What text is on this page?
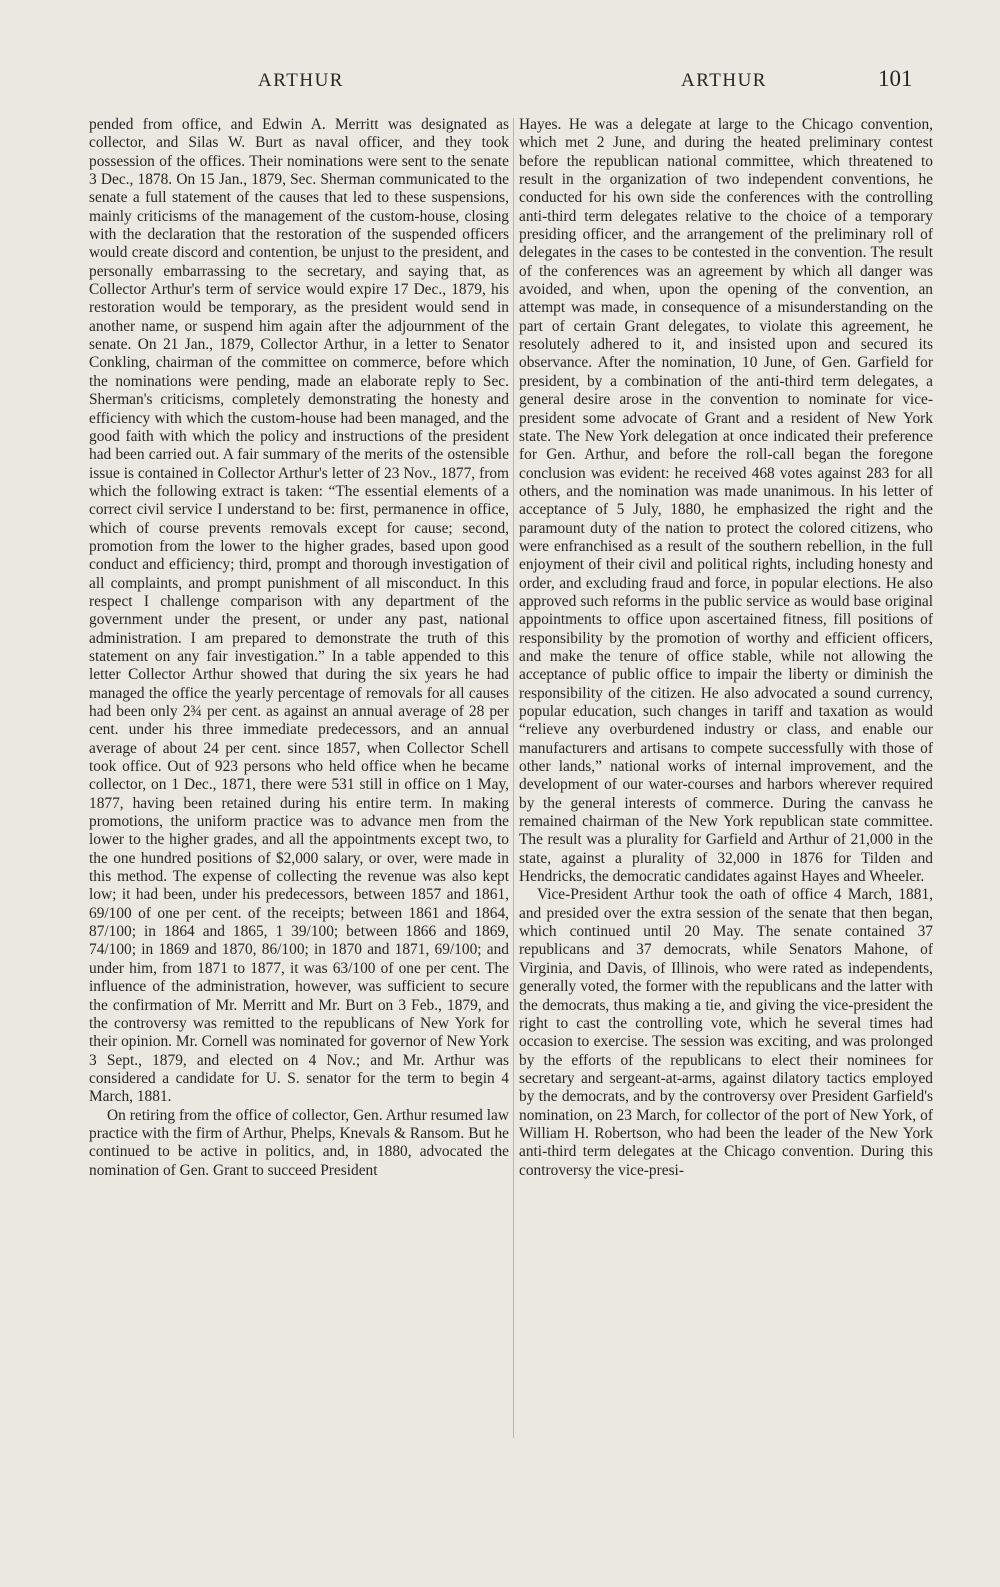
ARTHUR	ARTHUR	101

pended from office, and Edwin A. Merritt was designated as collector, and Silas W. Burt as naval officer, and they took possession of the offices. Their nominations were sent to the senate 3 Dec., 1878. On 15 Jan., 1879, Sec. Sherman communicated to the senate a full statement of the causes that led to these suspensions, mainly criticisms of the management of the custom-house, closing with the declaration that the restoration of the suspended officers would create discord and contention, be unjust to the president, and personally embarrassing to the secretary, and saying that, as Collector Arthur's term of service would expire 17 Dec., 1879, his restoration would be temporary, as the president would send in another name, or suspend him again after the adjournment of the senate. On 21 Jan., 1879, Collector Arthur, in a letter to Senator Conkling, chairman of the committee on commerce, before which the nominations were pending, made an elaborate reply to Sec. Sherman's criticisms, completely demonstrating the honesty and efficiency with which the custom-house had been managed, and the good faith with which the policy and instructions of the president had been carried out. A fair summary of the merits of the ostensible issue is contained in Collector Arthur's letter of 23 Nov., 1877, from which the following extract is taken: “The essential elements of a correct civil service I understand to be: first, permanence in office, which of course prevents removals except for cause; second, promotion from the lower to the higher grades, based upon good conduct and efficiency; third, prompt and thorough investigation of all complaints, and prompt punishment of all misconduct. In this respect I challenge comparison with any department of the government under the present, or under any past, national administration. I am prepared to demonstrate the truth of this statement on any fair investigation.” In a table appended to this letter Collector Arthur showed that during the six years he had managed the office the yearly percentage of removals for all causes had been only 2¾ per cent. as against an annual average of 28 per cent. under his three immediate predecessors, and an annual average of about 24 per cent. since 1857, when Collector Schell took office. Out of 923 persons who held office when he became collector, on 1 Dec., 1871, there were 531 still in office on 1 May, 1877, having been retained during his entire term. In making promotions, the uniform practice was to advance men from the lower to the higher grades, and all the appointments except two, to the one hundred positions of $2,000 salary, or over, were made in this method. The expense of collecting the revenue was also kept low; it had been, under his predecessors, between 1857 and 1861, 69/100 of one per cent. of the receipts; between 1861 and 1864, 87/100; in 1864 and 1865, 1 39/100; between 1866 and 1869, 74/100; in 1869 and 1870, 86/100; in 1870 and 1871, 69/100; and under him, from 1871 to 1877, it was 63/100 of one per cent. The influence of the administration, however, was sufficient to secure the confirmation of Mr. Merritt and Mr. Burt on 3 Feb., 1879, and the controversy was remitted to the republicans of New York for their opinion. Mr. Cornell was nominated for governor of New York 3 Sept., 1879, and elected on 4 Nov.; and Mr. Arthur was considered a candidate for U. S. senator for the term to begin 4 March, 1881.

On retiring from the office of collector, Gen. Arthur resumed law practice with the firm of Arthur, Phelps, Knevals & Ransom. But he continued to be active in politics, and, in 1880, advocated the nomination of Gen. Grant to succeed President

Hayes. He was a delegate at large to the Chicago convention, which met 2 June, and during the heated preliminary contest before the republican national committee, which threatened to result in the organization of two independent conventions, he conducted for his own side the conferences with the controlling anti-third term delegates relative to the choice of a temporary presiding officer, and the arrangement of the preliminary roll of delegates in the cases to be contested in the convention. The result of the conferences was an agreement by which all danger was avoided, and when, upon the opening of the convention, an attempt was made, in consequence of a misunderstanding on the part of certain Grant delegates, to violate this agreement, he resolutely adhered to it, and insisted upon and secured its observance. After the nomination, 10 June, of Gen. Garfield for president, by a combination of the anti-third term delegates, a general desire arose in the convention to nominate for vice-president some advocate of Grant and a resident of New York state. The New York delegation at once indicated their preference for Gen. Arthur, and before the roll-call began the foregone conclusion was evident: he received 468 votes against 283 for all others, and the nomination was made unanimous. In his letter of acceptance of 5 July, 1880, he emphasized the right and the paramount duty of the nation to protect the colored citizens, who were enfranchised as a result of the southern rebellion, in the full enjoyment of their civil and political rights, including honesty and order, and excluding fraud and force, in popular elections. He also approved such reforms in the public service as would base original appointments to office upon ascertained fitness, fill positions of responsibility by the promotion of worthy and efficient officers, and make the tenure of office stable, while not allowing the acceptance of public office to impair the liberty or diminish the responsibility of the citizen. He also advocated a sound currency, popular education, such changes in tariff and taxation as would “relieve any overburdened industry or class, and enable our manufacturers and artisans to compete successfully with those of other lands,” national works of internal improvement, and the development of our water-courses and harbors wherever required by the general interests of commerce. During the canvass he remained chairman of the New York republican state committee. The result was a plurality for Garfield and Arthur of 21,000 in the state, against a plurality of 32,000 in 1876 for Tilden and Hendricks, the democratic candidates against Hayes and Wheeler.

Vice-President Arthur took the oath of office 4 March, 1881, and presided over the extra session of the senate that then began, which continued until 20 May. The senate contained 37 republicans and 37 democrats, while Senators Mahone, of Virginia, and Davis, of Illinois, who were rated as independents, generally voted, the former with the republicans and the latter with the democrats, thus making a tie, and giving the vice-president the right to cast the controlling vote, which he several times had occasion to exercise. The session was exciting, and was prolonged by the efforts of the republicans to elect their nominees for secretary and sergeant-at-arms, against dilatory tactics employed by the democrats, and by the controversy over President Garfield's nomination, on 23 March, for collector of the port of New York, of William H. Robertson, who had been the leader of the New York anti-third term delegates at the Chicago convention. During this controversy the vice-presi-
